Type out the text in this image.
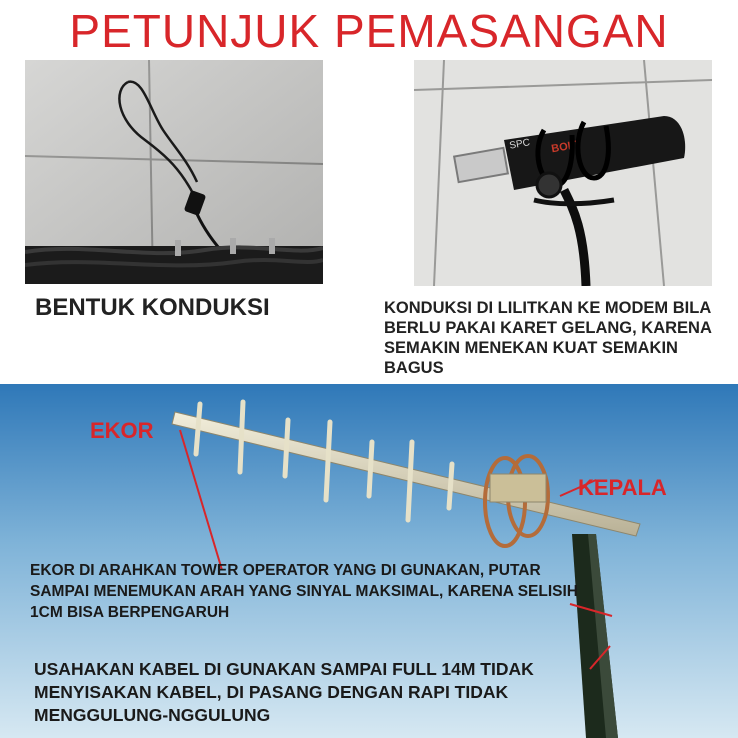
PETUNJUK PEMASANGAN
SPC BOLT
BENTUK KONDUKSI	KONDUKSI DI LILITKAN KE MODEM BILA BERLU PAKAI KARET GELANG, KARENA SEMAKIN MENEKAN KUAT SEMAKIN BAGUS
EKOR
KEPALA
EKOR DI ARAHKAN TOWER OPERATOR YANG DI GUNAKAN, PUTAR SAMPAI MENEMUKAN ARAH YANG SINYAL MAKSIMAL, KARENA SELISIH 1CM BISA BERPENGARUH
USAHAKAN KABEL DI GUNAKAN SAMPAI FULL 14M TIDAK MENYISAKAN KABEL, DI PASANG DENGAN RAPI TIDAK MENGGULUNG-NGGULUNG
